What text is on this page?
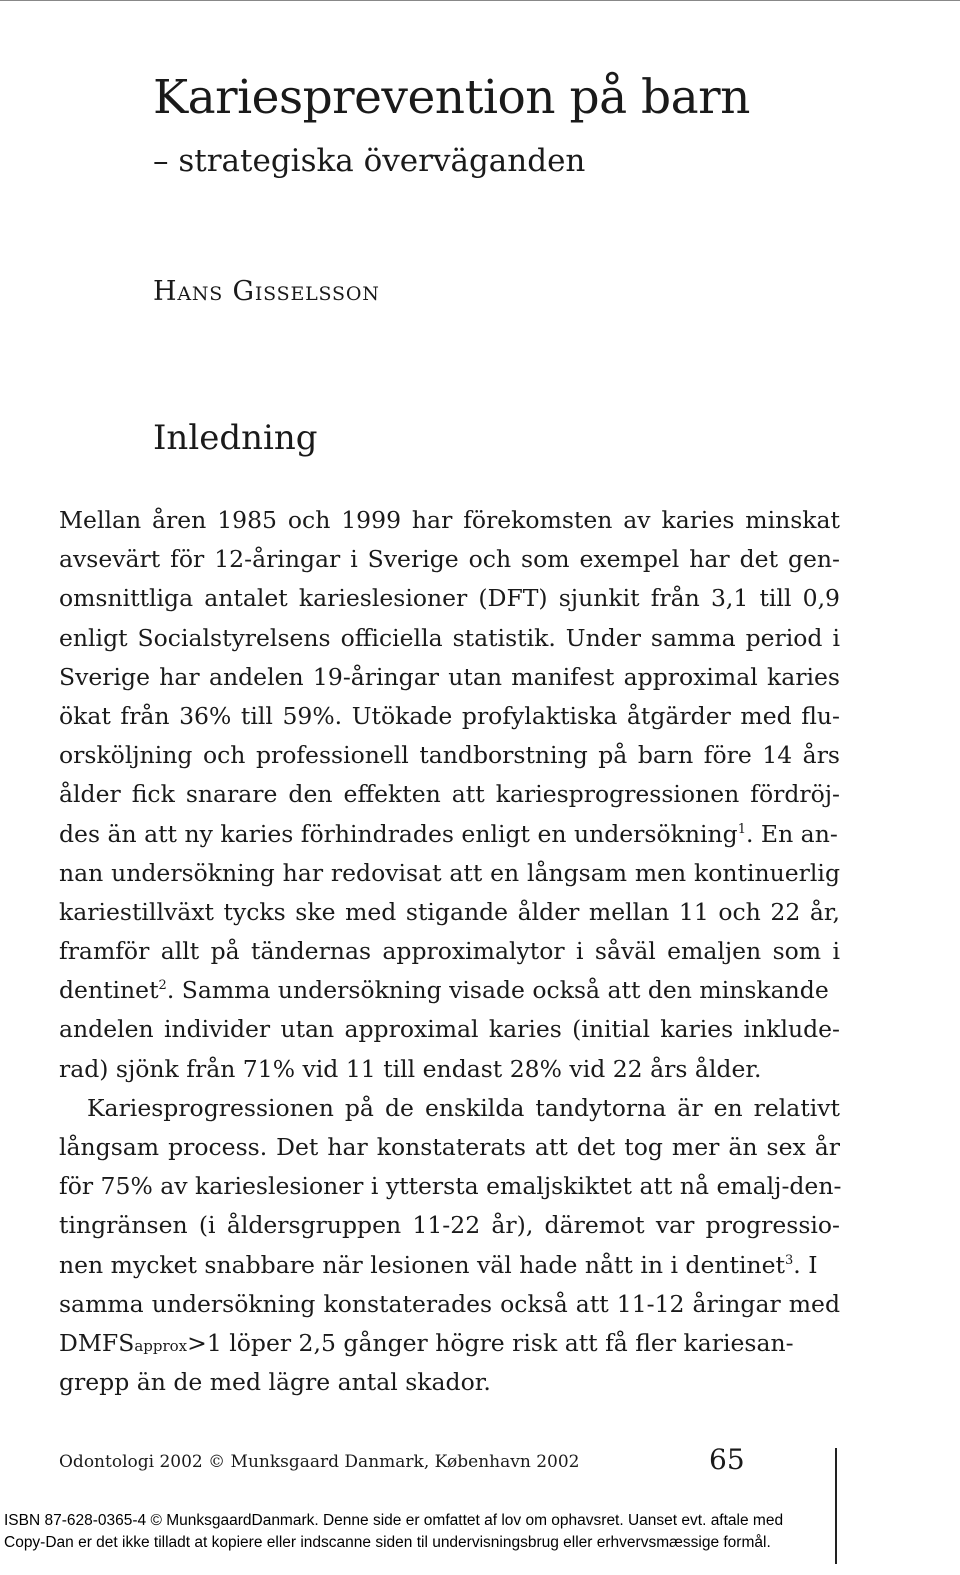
Kariesprevention på barn
– strategiska överväganden
Hans Gisselsson
Inledning
Mellan åren 1985 och 1999 har förekomsten av karies minskat
avsevärt för 12-åringar i Sverige och som exempel har det gen-
omsnittliga antalet karieslesioner (DFT) sjunkit från 3,1 till 0,9
enligt Socialstyrelsens officiella statistik. Under samma period i
Sverige har andelen 19-åringar utan manifest approximal karies
ökat från 36% till 59%. Utökade profylaktiska åtgärder med flu-
orsköljning och professionell tandborstning på barn före 14 års
ålder fick snarare den effekten att kariesprogressionen fördröj-
des än att ny karies förhindrades enligt en undersökning$^1$. En an-
nan undersökning har redovisat att en långsam men kontinuerlig
kariestillväxt tycks ske med stigande ålder mellan 11 och 22 år,
framför allt på tändernas approximalytor i såväl emaljen som i
dentinet$^2$. Samma undersökning visade också att den minskande
andelen individer utan approximal karies (initial karies inklude-
rad) sjönk från 71% vid 11 till endast 28% vid 22 års ålder.
Kariesprogressionen på de enskilda tandytorna är en relativt
långsam process. Det har konstaterats att det tog mer än sex år
för 75% av karieslesioner i yttersta emaljskiktet att nå emalj-den-
tingränsen (i åldersgruppen 11-22 år), däremot var progressio-
nen mycket snabbare när lesionen väl hade nått in i dentinet$^3$. I
samma undersökning konstaterades också att 11-12 åringar med
DMFSapprox>1 löper 2,5 gånger högre risk att få fler kariesan-
grepp än de med lägre antal skador.
Odontologi 2002 © Munksgaard Danmark, København 2002	65
ISBN 87-628-0365-4 © MunksgaardDanmark. Denne side er omfattet af lov om ophavsret. Uanset evt. aftale med
Copy-Dan er det ikke tilladt at kopiere eller indscanne siden til undervisningsbrug eller erhvervsmæssige formål.
